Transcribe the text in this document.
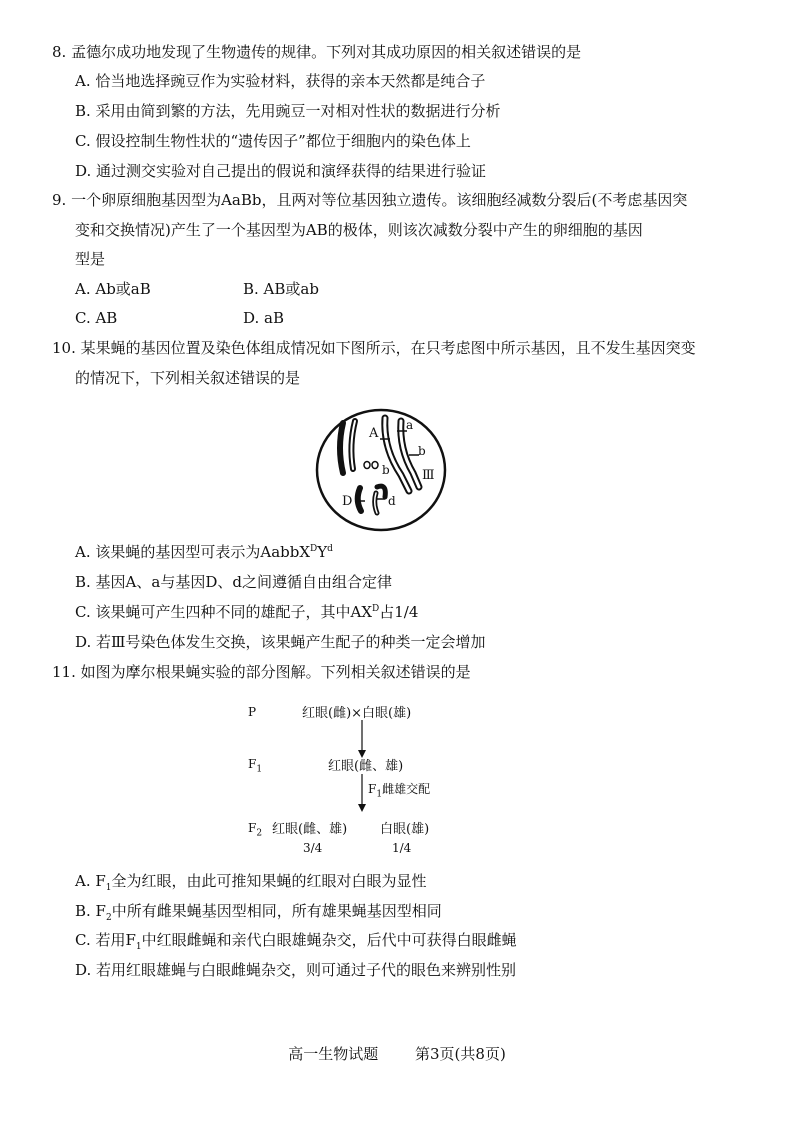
8. 孟德尔成功地发现了生物遗传的规律。下列对其成功原因的相关叙述错误的是
A. 恰当地选择豌豆作为实验材料，获得的亲本天然都是纯合子
B. 采用由简到繁的方法，先用豌豆一对相对性状的数据进行分析
C. 假设控制生物性状的“遗传因子”都位于细胞内的染色体上
D. 通过测交实验对自己提出的假说和演绎获得的结果进行验证
9. 一个卵原细胞基因型为AaBb，且两对等位基因独立遗传。该细胞经减数分裂后(不考虑基因突
变和交换情况)产生了一个基因型为AB的极体，则该次减数分裂中产生的卵细胞的基因
型是
A. Ab或aB	B. AB或ab
C. AB	D. aB
10. 某果蝇的基因位置及染色体组成情况如下图所示，在只考虑图中所示基因，且不发生基因突变
的情况下，下列相关叙述错误的是
A
a
b
b
Ⅲ
D	d
A. 该果蝇的基因型可表示为$AabbX^DY^d$
B. 基因A、a与基因D、d之间遵循自由组合定律
C. 该果蝇可产生四种不同的雄配子，其中$AX^D$占1/4
D. 若Ⅲ号染色体发生交换，该果蝇产生配子的种类一定会增加
11. 如图为摩尔根果蝇实验的部分图解。下列相关叙述错误的是
P	红眼(雌)×白眼(雄)
$F_1$	红眼(雌、雄)
$F_1$雌雄交配
$F_2$ 红眼(雌、雄)	白眼(雄)
3/4	1/4
A. $F_1$全为红眼，由此可推知果蝇的红眼对白眼为显性
B. $F_2$中所有雌果蝇基因型相同，所有雄果蝇基因型相同
C. 若用$F_1$中红眼雌蝇和亲代白眼雄蝇杂交，后代中可获得白眼雌蝇
D. 若用红眼雄蝇与白眼雌蝇杂交，则可通过子代的眼色来辨别性别
高一生物试题 第3页(共8页)
